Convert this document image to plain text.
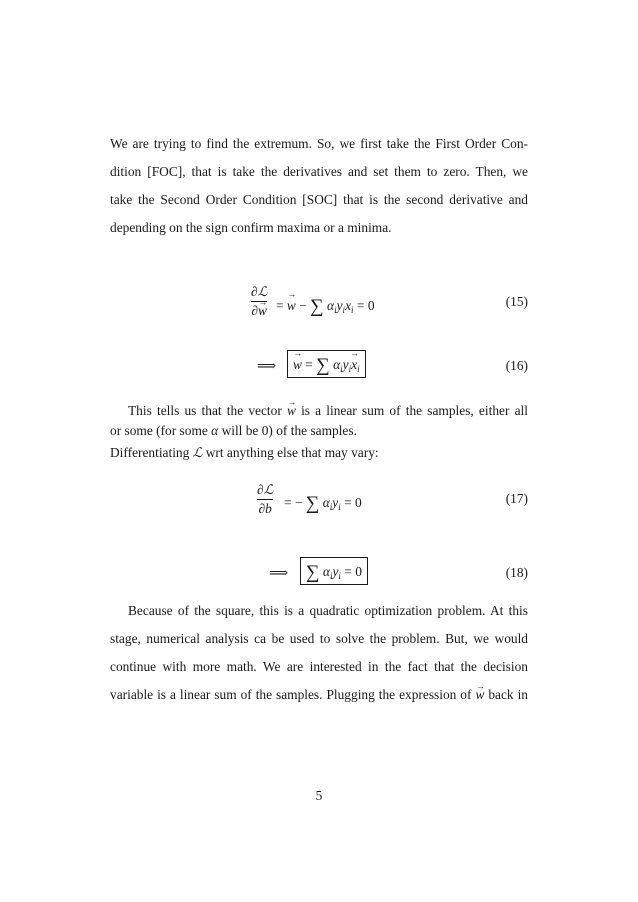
We are trying to find the extremum. So, we first take the First Order Con-
dition [FOC], that is take the derivatives and set them to zero. Then, we
take the Second Order Condition [SOC] that is the second derivative and
depending on the sign confirm maxima or a minima.
∂ℒ
∂w → = w → − ∑ $\alpha_iy_ix_i = 0$	(15)
⟹	w → = ∑ $\alpha_iy_ix \to_i$	(16)
This tells us that the vector w → is a linear sum of the samples, either all
or some (for some α will be 0) of the samples.
Differentiating ℒ wrt anything else that may vary:
∂ℒ
∂b = − ∑ $\alpha_iy_i = 0$	(17)
⟹ ∑ $\alpha_iy_i = 0$	(18)
Because of the square, this is a quadratic optimization problem. At this
stage, numerical analysis ca be used to solve the problem. But, we would
continue with more math. We are interested in the fact that the decision
variable is a linear sum of the samples. Plugging the expression of w → back in
5
